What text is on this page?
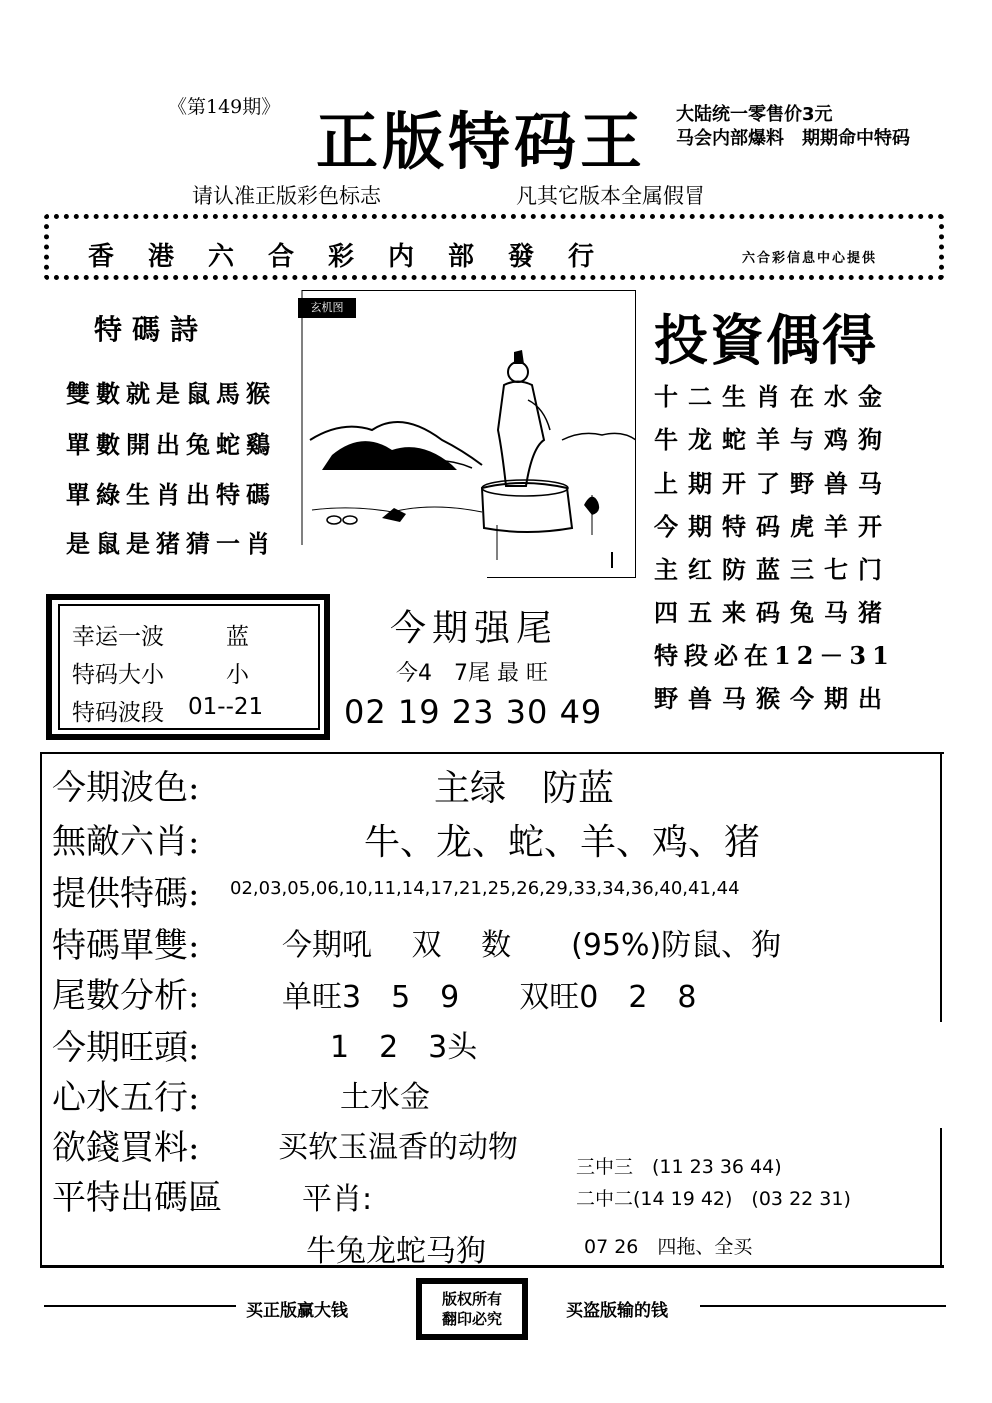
《第149期》 正版特码王 大陆统一零售价3元
马会内部爆料　期期命中特码
请认准正版彩色标志	凡其它版本全属假冒
香港六合彩内部發行	六合彩信息中心提供
特碼詩
雙數就是鼠馬猴
單數開出兔蛇鷄
單綠生肖出特碼
是鼠是猪猜一肖
玄机图
投資偶得
十二生肖在水金
牛龙蛇羊与鸡狗
上期开了野兽马
今期特码虎羊开
主红防蓝三七门
四五来码兔马猪
特段必在12－31
野兽马猴今期出
幸运一波	蓝
特码大小	小
特码波段 01--21
今期强尾
今4　7尾 最 旺
02 19 23 30 49
今期波色:	主绿　防蓝
無敵六肖:	牛、龙、蛇、羊、鸡、猪
提供特碼: 02,03,05,06,10,11,14,17,21,25,26,29,33,34,36,40,41,44
特碼單雙:	今期吼　 双　 数　　(95%)防鼠、狗
尾數分析:	单旺3　5　9　　双旺0　2　8
今期旺頭:	1　2　3头
心水五行:	土水金
欲錢買料:	买软玉温香的动物
平特出碼區	平肖:
牛兔龙蛇马狗
三中三　(11 23 36 44)
二中二(14 19 42)　(03 22 31)
07 26　四拖、全买
买正版赢大钱
版权所有
翻印必究	买盗版输的钱
